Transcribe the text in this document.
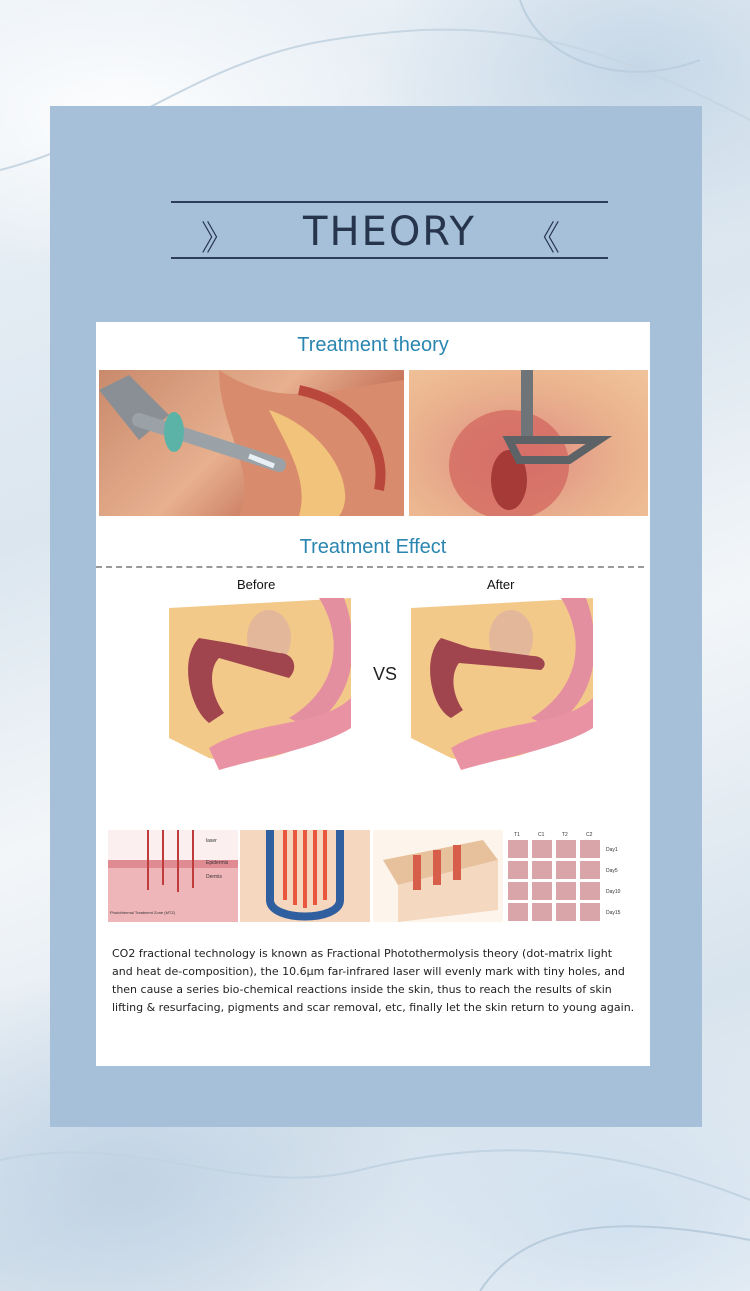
》	THEORY	《
Treatment theory
Treatment Effect
Before	After
VS
laser
Epidermis
Dermis
Photothermal Treatment Zone (MTZ)
T1	C1	T2	C2
Day1
Day5
Day10
Day15
CO2 fractional technology is known as Fractional Photothermolysis theory (dot-matrix light and heat de-composition), the 10.6μm far-infrared laser will evenly mark with tiny holes, and then cause a series bio-chemical reactions inside the skin, thus to reach the results of skin lifting & resurfacing, pigments and scar removal, etc, finally let the skin return to young again.
